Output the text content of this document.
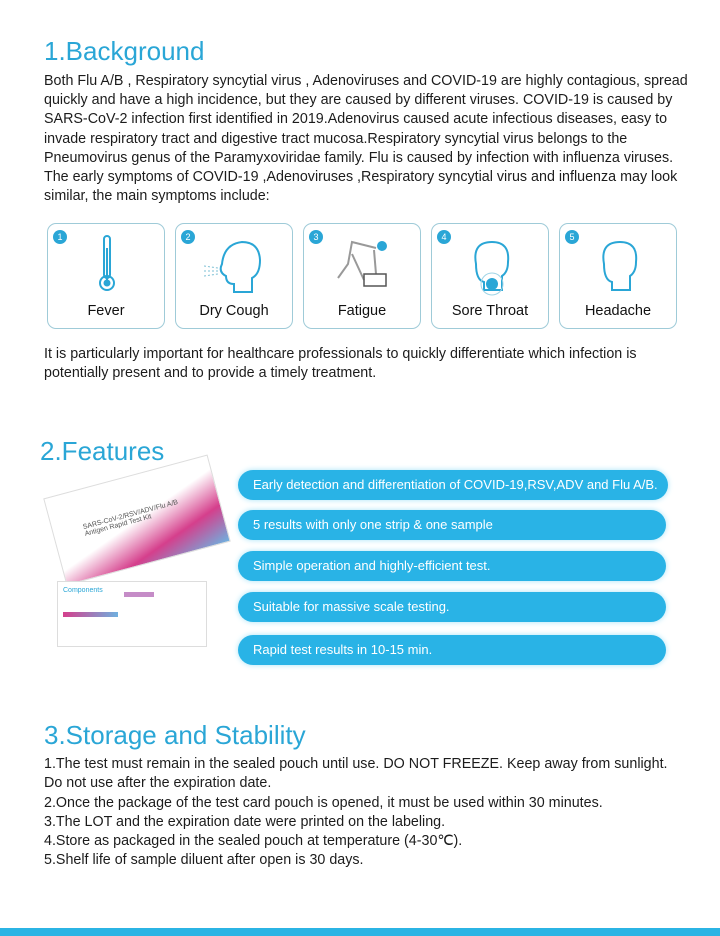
1.Background

Both Flu A/B , Respiratory syncytial virus , Adenoviruses and COVID-19 are highly contagious, spread quickly and have a high incidence, but they are caused by different viruses. COVID-19 is caused by SARS-CoV-2 infection first identified in 2019.Adenovirus caused acute infectious diseases, easy to invade respiratory tract and digestive tract mucosa.Respiratory syncytial virus belongs to the Pneumovirus genus of the Paramyxoviridae family. Flu is caused by infection with influenza viruses. The early symptoms of COVID-19 ,Adenoviruses ,Respiratory syncytial virus and influenza may look similar, the main symptoms include:

1
Fever
2
Dry Cough
3
Fatigue
4
Sore Throat
5
Headache

It is particularly important for healthcare professionals to quickly differentiate which infection is potentially present and to provide a timely treatment.

2.Features
SARS-CoV-2/RSV/ADV/Flu A/B Antigen Rapid Test Kit
Components
Early detection and differentiation of COVID-19,RSV,ADV and Flu A/B.
5 results with only one strip & one sample
Simple operation and highly-efficient test.
Suitable for massive scale testing.
Rapid test results in 10-15 min.
3.Storage and Stability
1.The test must remain in the sealed pouch until use. DO NOT FREEZE. Keep away from sunlight. Do not use after the expiration date.
2.Once the package of the test card pouch is opened, it must be used within 30 minutes.
3.The LOT and the expiration date were printed on the labeling.
4.Store as packaged in the sealed pouch at temperature (4-30℃).
5.Shelf life of sample diluent after open is 30 days.
